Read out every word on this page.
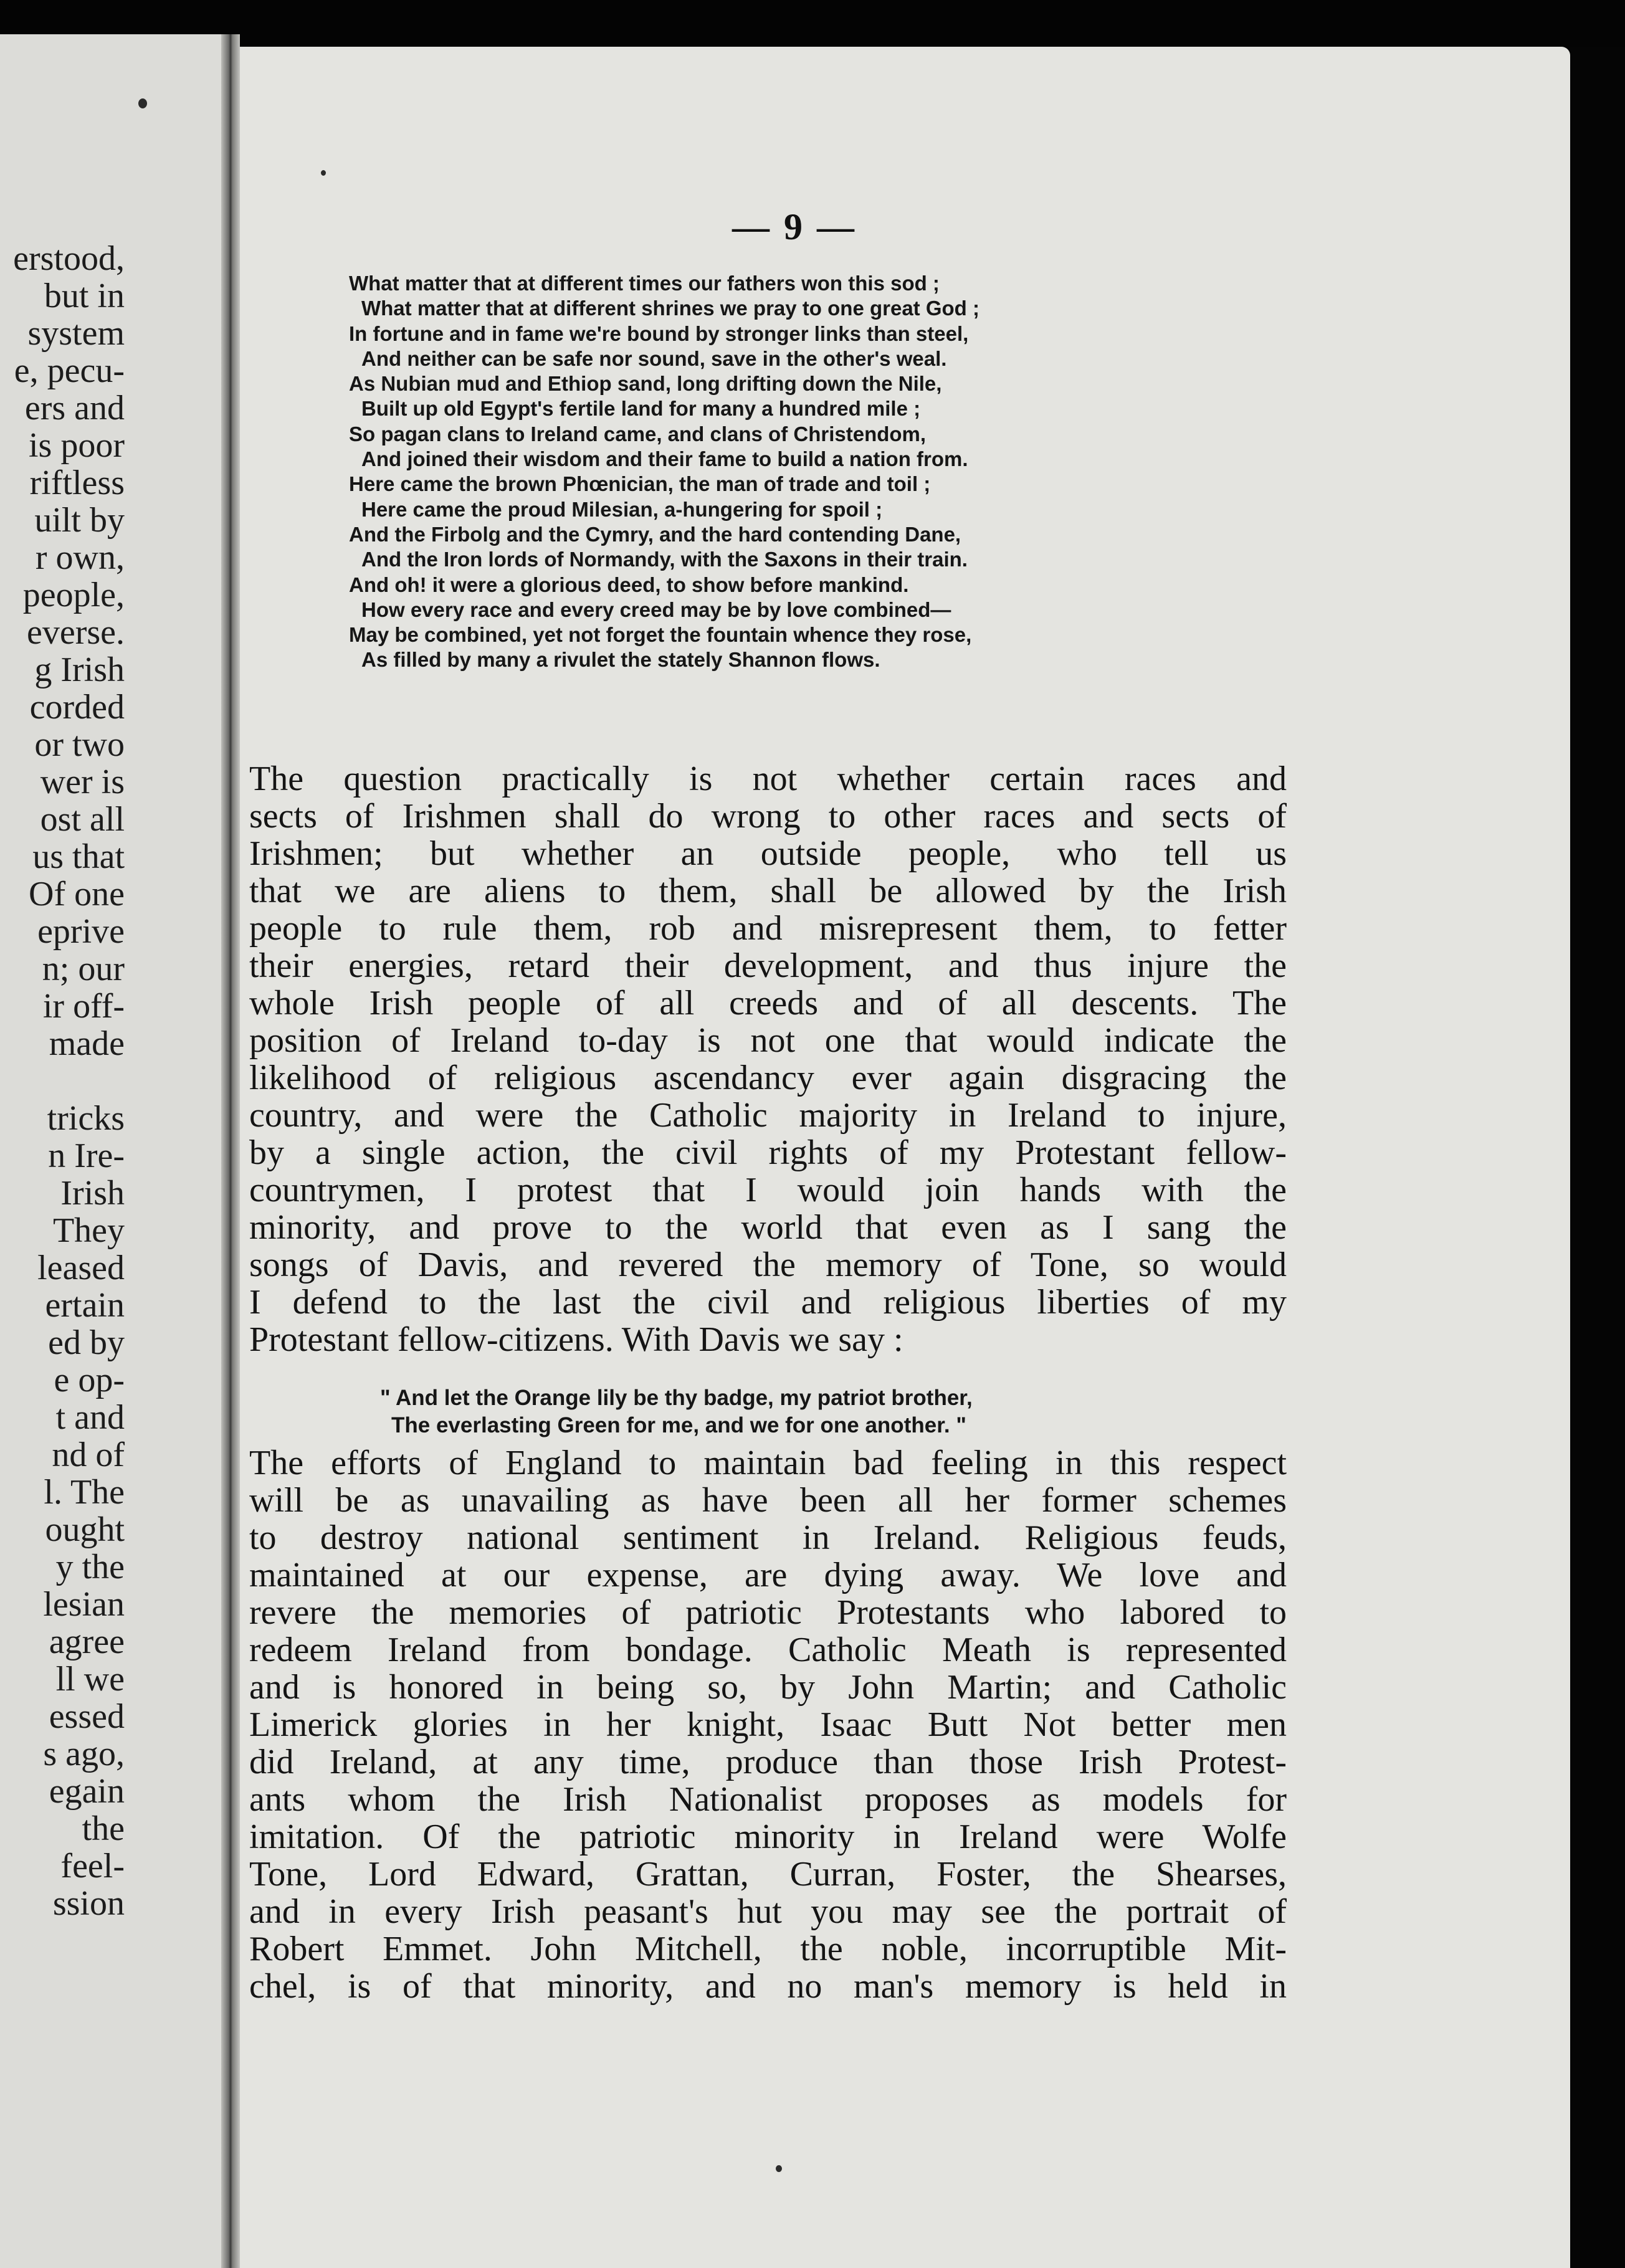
erstood,
but in
system
e, pecu-
ers and
is poor
riftless
uilt by
r own,
people,
everse.
g Irish
corded
or two
wer is
ost all
us that
Of one
eprive
n; our
ir off-
made
tricks
n Ire-
Irish
They
leased
ertain
ed by
e op-
t and
nd of
l. The
ought
y the
lesian
agree
ll we
essed
s ago,
egain
the
feel-
ssion
— 9 —
What matter that at different times our fathers won this sod ;
What matter that at different shrines we pray to one great God ;
In fortune and in fame we're bound by stronger links than steel,
And neither can be safe nor sound, save in the other's weal.
As Nubian mud and Ethiop sand, long drifting down the Nile,
Built up old Egypt's fertile land for many a hundred mile ;
So pagan clans to Ireland came, and clans of Christendom,
And joined their wisdom and their fame to build a nation from.
Here came the brown Phœnician, the man of trade and toil ;
Here came the proud Milesian, a-hungering for spoil ;
And the Firbolg and the Cymry, and the hard contending Dane,
And the Iron lords of Normandy, with the Saxons in their train.
And oh! it were a glorious deed, to show before mankind.
How every race and every creed may be by love combined—
May be combined, yet not forget the fountain whence they rose,
As filled by many a rivulet the stately Shannon flows.
The question practically is not whether certain races and
sects of Irishmen shall do wrong to other races and sects of
Irishmen; but whether an outside people, who tell us
that we are aliens to them, shall be allowed by the Irish
people to rule them, rob and misrepresent them, to fetter
their energies, retard their development, and thus injure the
whole Irish people of all creeds and of all descents. The
position of Ireland to-day is not one that would indicate the
likelihood of religious ascendancy ever again disgracing the
country, and were the Catholic majority in Ireland to injure,
by a single action, the civil rights of my Protestant fellow-
countrymen, I protest that I would join hands with the
minority, and prove to the world that even as I sang the
songs of Davis, and revered the memory of Tone, so would
I defend to the last the civil and religious liberties of my
Protestant fellow-citizens. With Davis we say :
" And let the Orange lily be thy badge, my patriot brother,
The everlasting Green for me, and we for one another. "
The efforts of England to maintain bad feeling in this respect
will be as unavailing as have been all her former schemes
to destroy national sentiment in Ireland. Religious feuds,
maintained at our expense, are dying away. We love and
revere the memories of patriotic Protestants who labored to
redeem Ireland from bondage. Catholic Meath is represented
and is honored in being so, by John Martin; and Catholic
Limerick glories in her knight, Isaac Butt Not better men
did Ireland, at any time, produce than those Irish Protest-
ants whom the Irish Nationalist proposes as models for
imitation. Of the patriotic minority in Ireland were Wolfe
Tone, Lord Edward, Grattan, Curran, Foster, the Shearses,
and in every Irish peasant's hut you may see the portrait of
Robert Emmet. John Mitchell, the noble, incorruptible Mit-
chel, is of that minority, and no man's memory is held in
